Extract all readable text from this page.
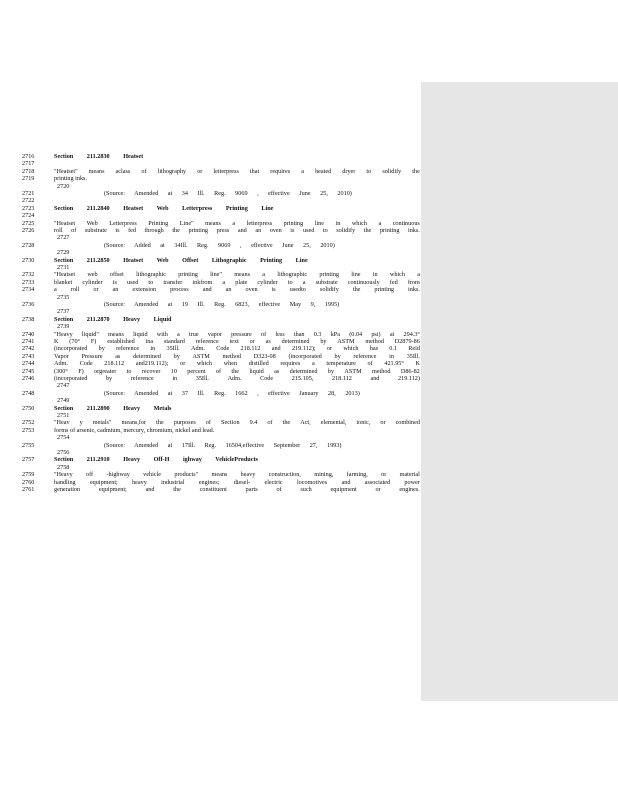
2716	Section 211.2830 Heatset
2717
2718	"Heatset" means aclass of lithography or letterpress that requires a heated dryer to solidify the
2719	printing inks.
2720
2721	(Source: Amended at 34 Ill. Reg. 9069 , effective June 25, 2010)
2722
2723	Section 211.2840 Heatset Web Letterpress Printing Line
2724
2725	"Heatset Web Letterpress Printing Line" means a letterpress printing line in which a continuous
2726	roll of substrate is fed through the printing press and an oven is used to solidify the printing inks.
2727
2728	(Source: Added at 34Ill. Reg. 9069 , effective June 25, 2010)
2729
2730	Section 211.2850 Heatset Web Offset Lithographic Printing Line
2731
2732	"Heatset web offset lithographic printing line" means a lithographic printing line in which a
2733	blanket cylinder is used to transfer inkfrom a plate cylinder to a substrate continuously fed from
2734	a roll or an extension process and an oven is usedto solidify the printing inks.
2735
2736	(Source: Amended at 19 Ill. Reg. 6823, effective May 9, 1995)
2737
2738	Section 211.2870 Heavy Liquid
2739
2740	"Heavy liquid" means liquid with a true vapor pressure of less than 0.3 kPa (0.04 psi) at 294.3°
2741	K (70° F) established ina standard reference text or as determined by ASTM method D2879-86
2742	(incorporated by reference in 35Ill. Adm. Code 218.112 and 219.112); or which has 0.1 Reid
2743	Vapor Pressure as determined by ASTM method D323-08 (incorporated by reference in 35Ill.
2744	Adm. Code 218.112 and219.112); or which when distilled requires a temperature of 421.95° K
2745	(300° F) orgreater to recover 10 percent of the liquid as determined by ASTM method D86-82
2746	(incorporated	by	reference	in	35Ill.	Adm.	Code	215.105,	218.112	and	219.112)
2747
2748	(Source: Amended at 37 Ill. Reg. 1662 , effective January 28, 2013)
2749
2750	Section 211.2890 Heavy Metals
2751
2752	"Heav y metals" means,for the purposes of Section 9.4 of the Act, elemental, ionic, or combined
2753	forms of arsenic, cadmium, mercury, chromium, nickel and lead.
2754
2755	(Source: Amended at 17Ill. Reg. 16504,effective September 27, 1993)
2756
2757	Section 211.2910 Heavy Off-H ighway VehicleProducts
2758
2759	"Heavy off -highway vehicle products" means heavy construction, mining, farming, or material
2760	handling equipment; heavy industrial engines; diesel- electric locomotives and associated power
2761	generation	equipment;	and	the	constituent	parts	of	such	equipment	or	engines.
